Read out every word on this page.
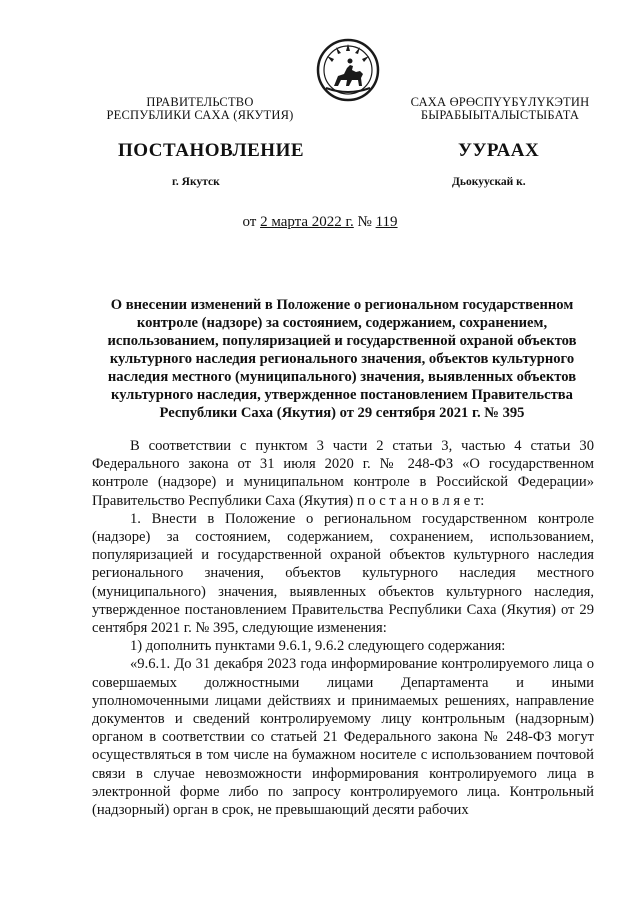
ПРАВИТЕЛЬСТВО
РЕСПУБЛИКИ САХА (ЯКУТИЯ)
САХА ӨРӨСПҮҮБҮЛҮКЭТИН
БЫРАБЫЫТАЛЫСТЫБАТА
ПОСТАНОВЛЕНИЕ	УУРААХ
г. Якутск	Дьокуускай к.
от 2 марта 2022 г. № 119
О внесении изменений в Положение о региональном государственном
контроле (надзоре) за состоянием, содержанием, сохранением,
использованием, популяризацией и государственной охраной объектов
культурного наследия регионального значения, объектов культурного
наследия местного (муниципального) значения, выявленных объектов
культурного наследия, утвержденное постановлением Правительства
Республики Саха (Якутия) от 29 сентября 2021 г. № 395

В соответствии с пунктом 3 части 2 статьи 3, частью 4 статьи 30 Федерального закона от 31 июля 2020 г. № 248-ФЗ «О государственном контроле (надзоре) и муниципальном контроле в Российской Федерации» Правительство Республики Саха (Якутия) п о с т а н о в л я е т:

1. Внести в Положение о региональном государственном контроле (надзоре) за состоянием, содержанием, сохранением, использованием, популяризацией и государственной охраной объектов культурного наследия регионального значения, объектов культурного наследия местного (муниципального) значения, выявленных объектов культурного наследия, утвержденное постановлением Правительства Республики Саха (Якутия) от 29 сентября 2021 г. № 395, следующие изменения:

1) дополнить пунктами 9.6.1, 9.6.2 следующего содержания:

«9.6.1. До 31 декабря 2023 года информирование контролируемого лица о совершаемых должностными лицами Департамента и иными уполномоченными лицами действиях и принимаемых решениях, направление документов и сведений контролируемому лицу контрольным (надзорным) органом в соответствии со статьей 21 Федерального закона № 248-ФЗ могут осуществляться в том числе на бумажном носителе с использованием почтовой связи в случае невозможности информирования контролируемого лица в электронной форме либо по запросу контролируемого лица. Контрольный (надзорный) орган в срок, не превышающий десяти рабочих
